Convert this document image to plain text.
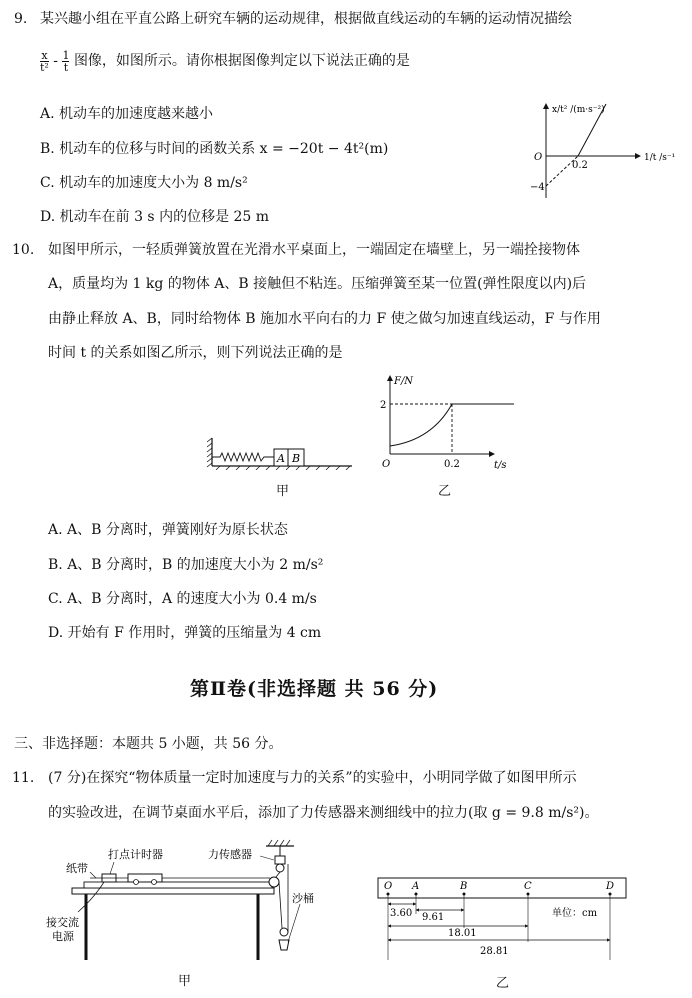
9. 某兴趣小组在平直公路上研究车辆的运动规律，根据做直线运动的车辆的运动情况描绘
$\frac{x}{\text{t²}} - \frac{1}{t}$ 图像，如图所示。请你根据图像判定以下说法正确的是
A. 机动车的加速度越来越小
B. 机动车的位移与时间的函数关系 x = −20t − 4t²(m)
C. 机动车的加速度大小为 8 m/s²
D. 机动车在前 3 s 内的位移是 25 m
x/t² /(m·s⁻²)
1/t /s⁻¹
O
0.2
−4
10. 如图甲所示，一轻质弹簧放置在光滑水平桌面上，一端固定在墙壁上，另一端拴接物体
A，质量均为 1 kg 的物体 A、B 接触但不粘连。压缩弹簧至某一位置(弹性限度以内)后
由静止释放 A、B，同时给物体 B 施加水平向右的力 F 使之做匀加速直线运动，F 与作用
时间 t 的关系如图乙所示，则下列说法正确的是
A B
甲
F/N
t/s
O
2
0.2
乙
A. A、B 分离时，弹簧刚好为原长状态
B. A、B 分离时，B 的加速度大小为 2 m/s²
C. A、B 分离时，A 的速度大小为 0.4 m/s
D. 开始有 F 作用时，弹簧的压缩量为 4 cm
第Ⅱ卷(非选择题 共 56 分)
三、非选择题：本题共 5 小题，共 56 分。
11. (7 分)在探究“物体质量一定时加速度与力的关系”的实验中，小明同学做了如图甲所示
的实验改进，在调节桌面水平后，添加了力传感器来测细线中的拉力(取 g = 9.8 m/s²)。
打点计时器	力传感器
纸带
沙桶
接交流
电源
甲
O A	B	C	D
单位：cm
3.60 9.61
18.01
28.81
乙
